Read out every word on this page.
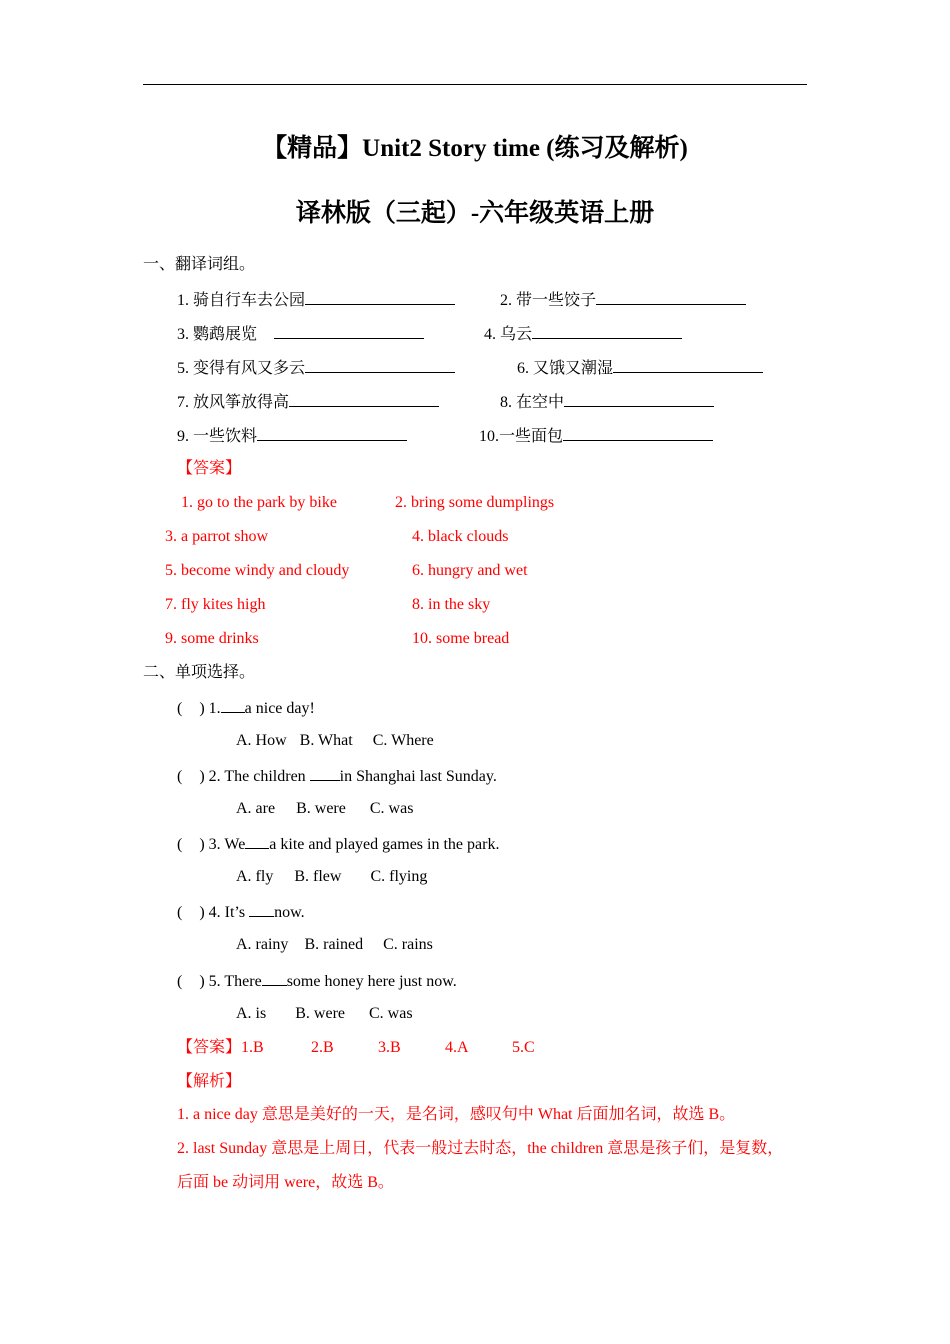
【精品】Unit2 Story time (练习及解析)
译林版（三起）-六年级英语上册
一、翻译词组。
1. 骑自行车去公园	2. 带一些饺子
3. 鹦鹉展览	4. 乌云
5. 变得有风又多云	6. 又饿又潮湿
7. 放风筝放得高	8. 在空中
9. 一些饮料	10.一些面包
【答案】
1. go to the park by bike	2. bring some dumplings
3. a parrot show	4. black clouds
5. become windy and cloudy	6. hungry and wet
7. fly kites high	8. in the sky
9. some drinks	10. some bread
二、单项选择。
( ) 1. a nice day!
A. How B. What C. Where
( ) 2. The children in Shanghai last Sunday.
A. are B. were C. was
( ) 3. We a kite and played games in the park.
A. fly B. flew C. flying
( ) 4. It’s now.
A. rainy B. rained C. rains
( ) 5. There some honey here just now.
A. is B. were C. was
【答案】1.B	2.B	3.B	4.A	5.C
【解析】
1. a nice day 意思是美好的一天，是名词，感叹句中 What 后面加名词，故选 B。
2. last Sunday 意思是上周日，代表一般过去时态，the children 意思是孩子们，是复数，
后面 be 动词用 were，故选 B。
